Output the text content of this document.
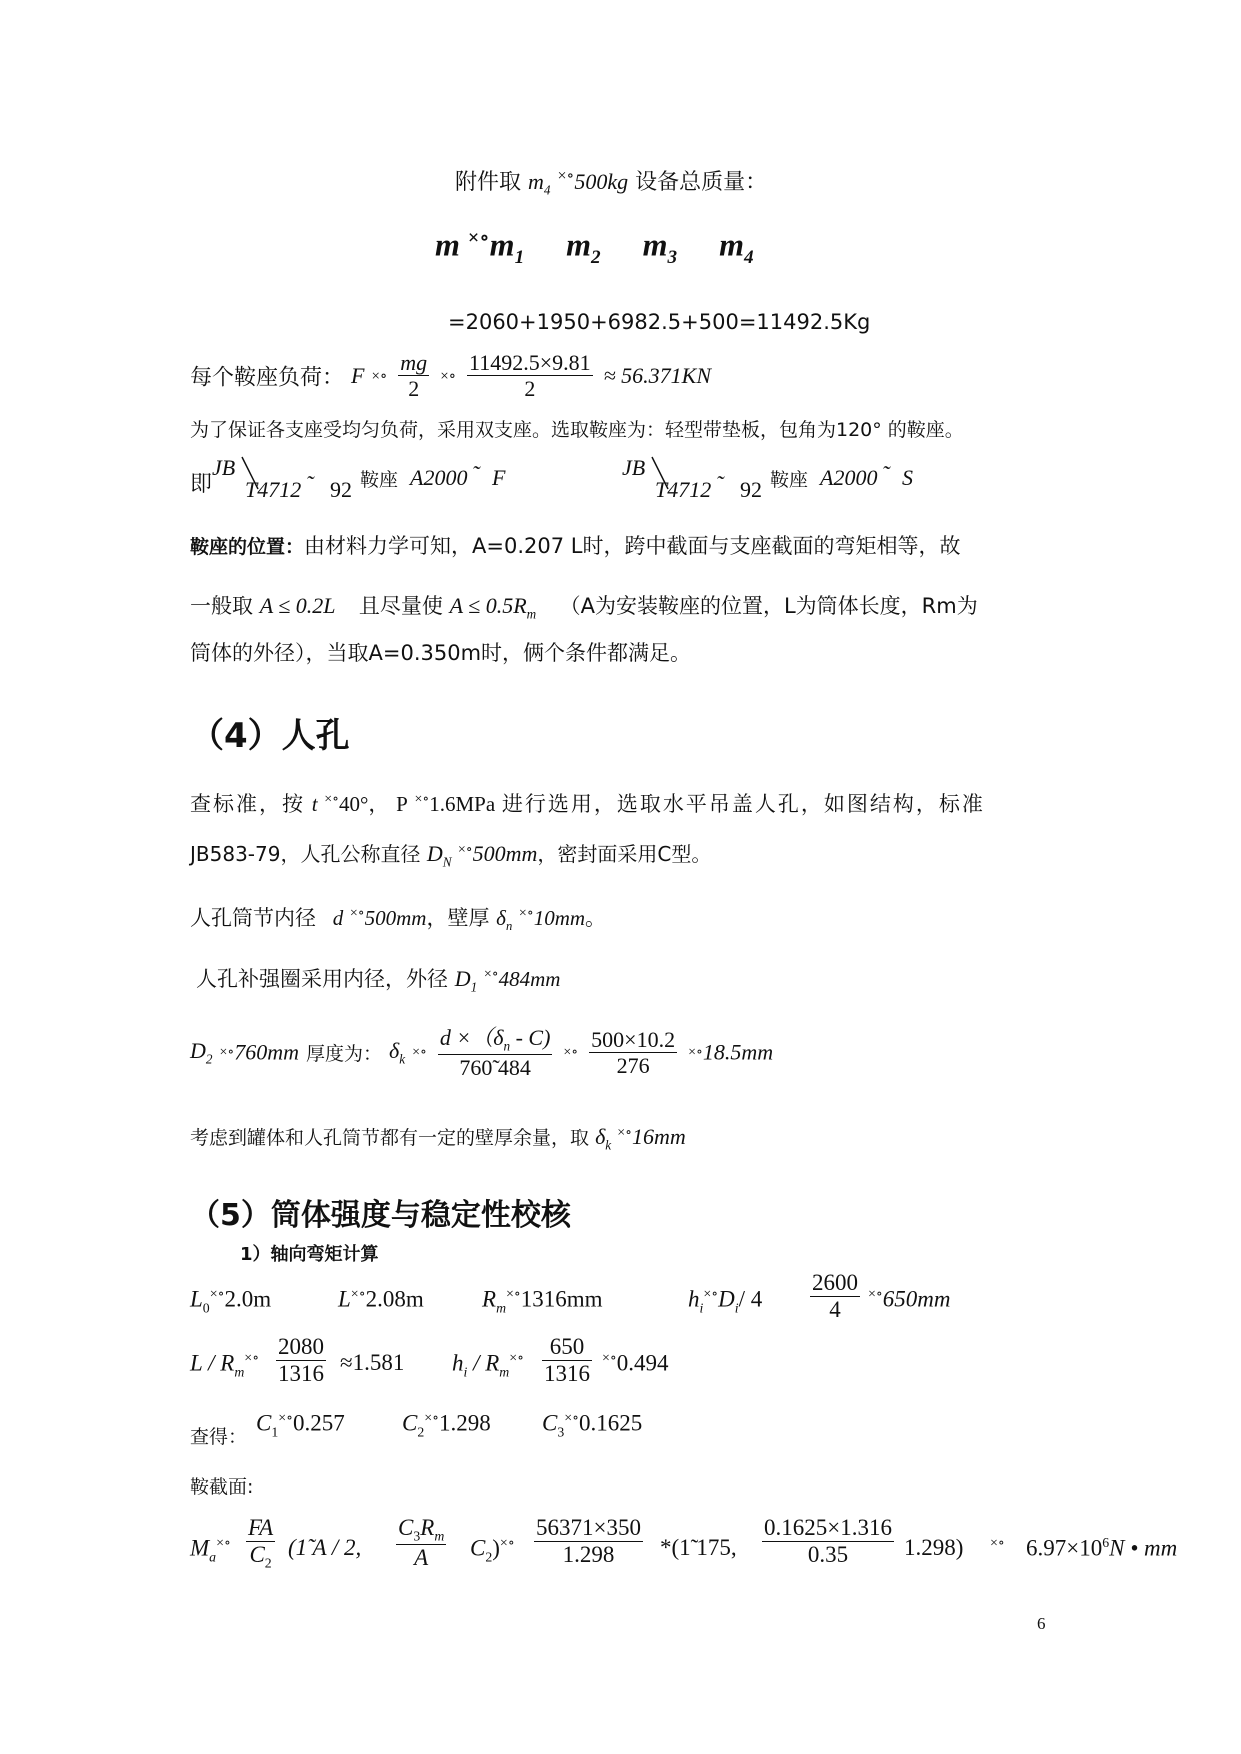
附件取 $m_4$ ×∘500kg 设备总质量：
m $^{\times\circ}m_1$ $m_2$ $m_3$ $m_4$
=2060+1950+6982.5+500=11492.5Kg
每个鞍座负荷： F ×∘ $\frac{mg}{2}$ ×∘ $\frac{11492.5\times 9.81}{2} \approx 56.371KN$
为了保证各支座受均匀负荷，采用双支座。选取鞍座为：轻型带垫板，包角为120° 的鞍座。
即
JB
T4712 92 鞍座 A2000 F	JB
T4712 92 鞍座 A2000 S
鞍座的位置：由材料力学可知，A=0.207 L时，跨中截面与支座截面的弯矩相等，故
一般取 A ≤ 0.2L 且尽量使 $A \le 0.5R_m$ （A为安装鞍座的位置，L为筒体长度，Rm为
筒体的外径），当取A=0.350m时，俩个条件都满足。
（4）人孔
查标准，按 t ×∘40°， P ×∘1.6MPa 进行选用，选取水平吊盖人孔，如图结构，标准
JB583-79，人孔公称直径 $D_N$ ×∘500mm，密封面采用C型。
人孔筒节内径 d ×∘500mm，壁厚 $\delta_n$ ×∘10mm。
人孔补强圈采用内径，外径 $D_1$ ×∘484mm
$D_2$ ×∘760mm 厚度为： $\delta_k$ ×∘ $\frac{d \times(\delta_n - C)}{760̃ 484}$ ×∘ $\frac{500\times 10.2}{276}$ ×∘18.5mm
考虑到罐体和人孔筒节都有一定的壁厚余量，取 $\delta_k$ ×∘16mm
（5）筒体强度与稳定性校核
1）轴向弯矩计算
$L_0^{\times\circ}2.0m$	L×∘2.08m	$R_m^{\times\circ}1316mm$	$h_i^{\times\circ}D_i/$ $4 \frac{2600}{4} ^{\times\circ}650mm$
$L / R_m^{\times\circ} \frac{2080}{1316} \approx 1.581$ $h_i / R_m^{\times\circ} \frac{650}{1316} ^{\times\circ}0.494$
查得：
$C_1^{\times\circ}0.257$ $C_2^{\times\circ}1.298$ $C_3^{\times\circ}0.1625$
鞍截面:
$M_a^{\times\circ} \frac{FA}{C_2}$ (1̃ A / 2, $\frac{C_3R_m}{A} C_2)^{\times\circ} \frac{56371\times 350}{1.298}$ *(1̃ 175, $\frac{0.1625\times 1.316}{0.35} 1.298$) ×∘ $6.97\times 10^6N$ • mm
6
